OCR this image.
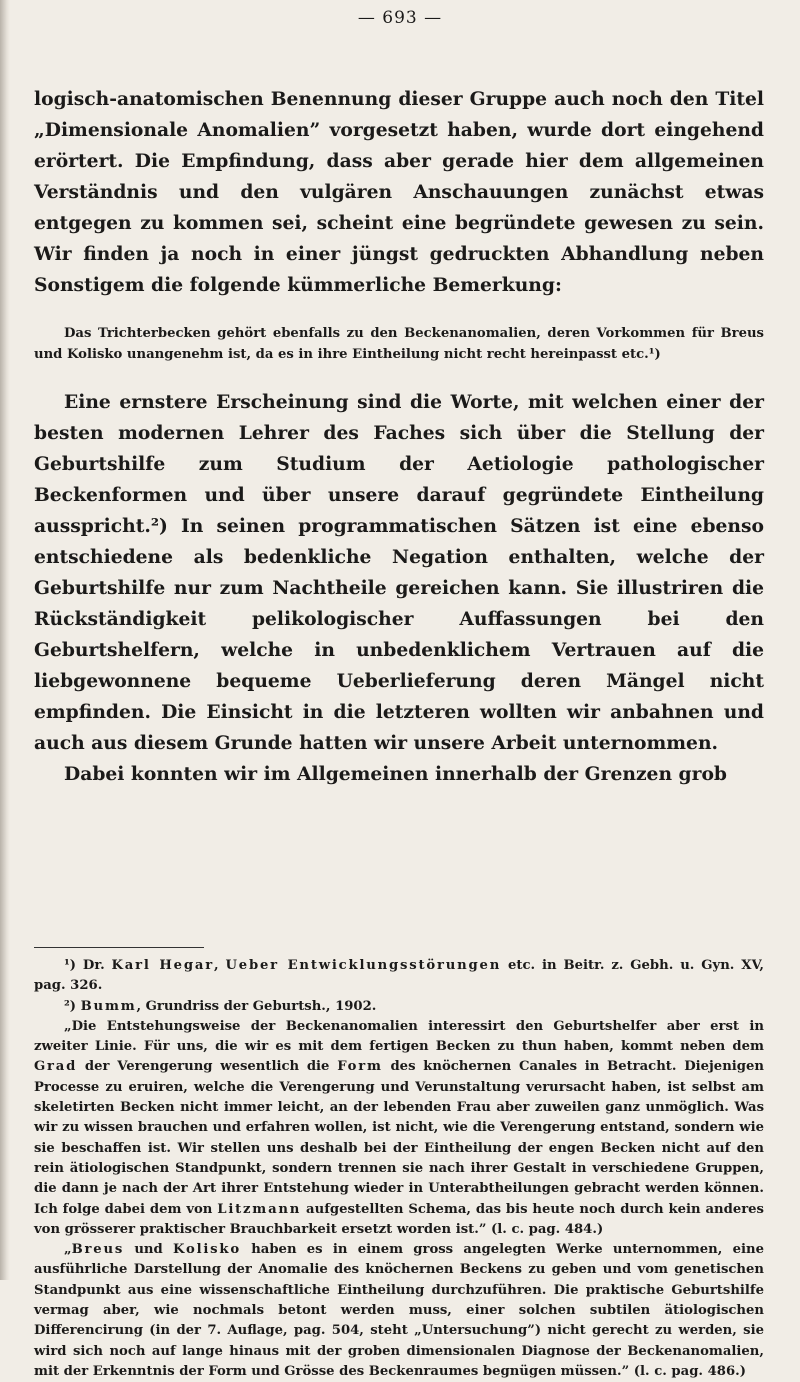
— 693 —

logisch-anatomischen Benennung dieser Gruppe auch noch den Titel „Dimensionale Anomalien” vorgesetzt haben, wurde dort eingehend erörtert. Die Empfindung, dass aber gerade hier dem allgemeinen Verständnis und den vulgären Anschauungen zunächst etwas entgegen zu kommen sei, scheint eine begründete gewesen zu sein. Wir finden ja noch in einer jüngst gedruckten Abhandlung neben Sonstigem die folgende kümmerliche Bemerkung:

Das Trichterbecken gehört ebenfalls zu den Beckenanomalien, deren Vorkommen für Breus und Kolisko unangenehm ist, da es in ihre Eintheilung nicht recht hereinpasst etc.¹)

Eine ernstere Erscheinung sind die Worte, mit welchen einer der besten modernen Lehrer des Faches sich über die Stellung der Geburtshilfe zum Studium der Aetiologie pathologischer Beckenformen und über unsere darauf gegründete Eintheilung ausspricht.²) In seinen programmatischen Sätzen ist eine ebenso entschiedene als bedenkliche Negation enthalten, welche der Geburtshilfe nur zum Nachtheile gereichen kann. Sie illustriren die Rückständigkeit pelikologischer Auffassungen bei den Geburtshelfern, welche in unbedenklichem Vertrauen auf die liebgewonnene bequeme Ueberlieferung deren Mängel nicht empfinden. Die Einsicht in die letzteren wollten wir anbahnen und auch aus diesem Grunde hatten wir unsere Arbeit unternommen.

Dabei konnten wir im Allgemeinen innerhalb der Grenzen grob

¹) Dr. Karl Hegar, Ueber Entwicklungsstörungen etc. in Beitr. z. Gebh. u. Gyn. XV, pag. 326.

²) Bumm, Grundriss der Geburtsh., 1902.

„Die Entstehungsweise der Beckenanomalien interessirt den Geburtshelfer aber erst in zweiter Linie. Für uns, die wir es mit dem fertigen Becken zu thun haben, kommt neben dem Grad der Verengerung wesentlich die Form des knöchernen Canales in Betracht. Diejenigen Processe zu eruiren, welche die Verengerung und Verunstaltung verursacht haben, ist selbst am skeletirten Becken nicht immer leicht, an der lebenden Frau aber zuweilen ganz unmöglich. Was wir zu wissen brauchen und erfahren wollen, ist nicht, wie die Verengerung entstand, sondern wie sie beschaffen ist. Wir stellen uns deshalb bei der Eintheilung der engen Becken nicht auf den rein ätiologischen Standpunkt, sondern trennen sie nach ihrer Gestalt in verschiedene Gruppen, die dann je nach der Art ihrer Entstehung wieder in Unterabtheilungen gebracht werden können. Ich folge dabei dem von Litzmann aufgestellten Schema, das bis heute noch durch kein anderes von grösserer praktischer Brauchbarkeit ersetzt worden ist.” (l. c. pag. 484.)

„Breus und Kolisko haben es in einem gross angelegten Werke unternommen, eine ausführliche Darstellung der Anomalie des knöchernen Beckens zu geben und vom genetischen Standpunkt aus eine wissenschaftliche Eintheilung durchzuführen. Die praktische Geburtshilfe vermag aber, wie nochmals betont werden muss, einer solchen subtilen ätiologischen Differencirung (in der 7. Auflage, pag. 504, steht „Untersuchung”) nicht gerecht zu werden, sie wird sich noch auf lange hinaus mit der groben dimensionalen Diagnose der Beckenanomalien, mit der Erkenntnis der Form und Grösse des Beckenraumes begnügen müssen.” (l. c. pag. 486.)
